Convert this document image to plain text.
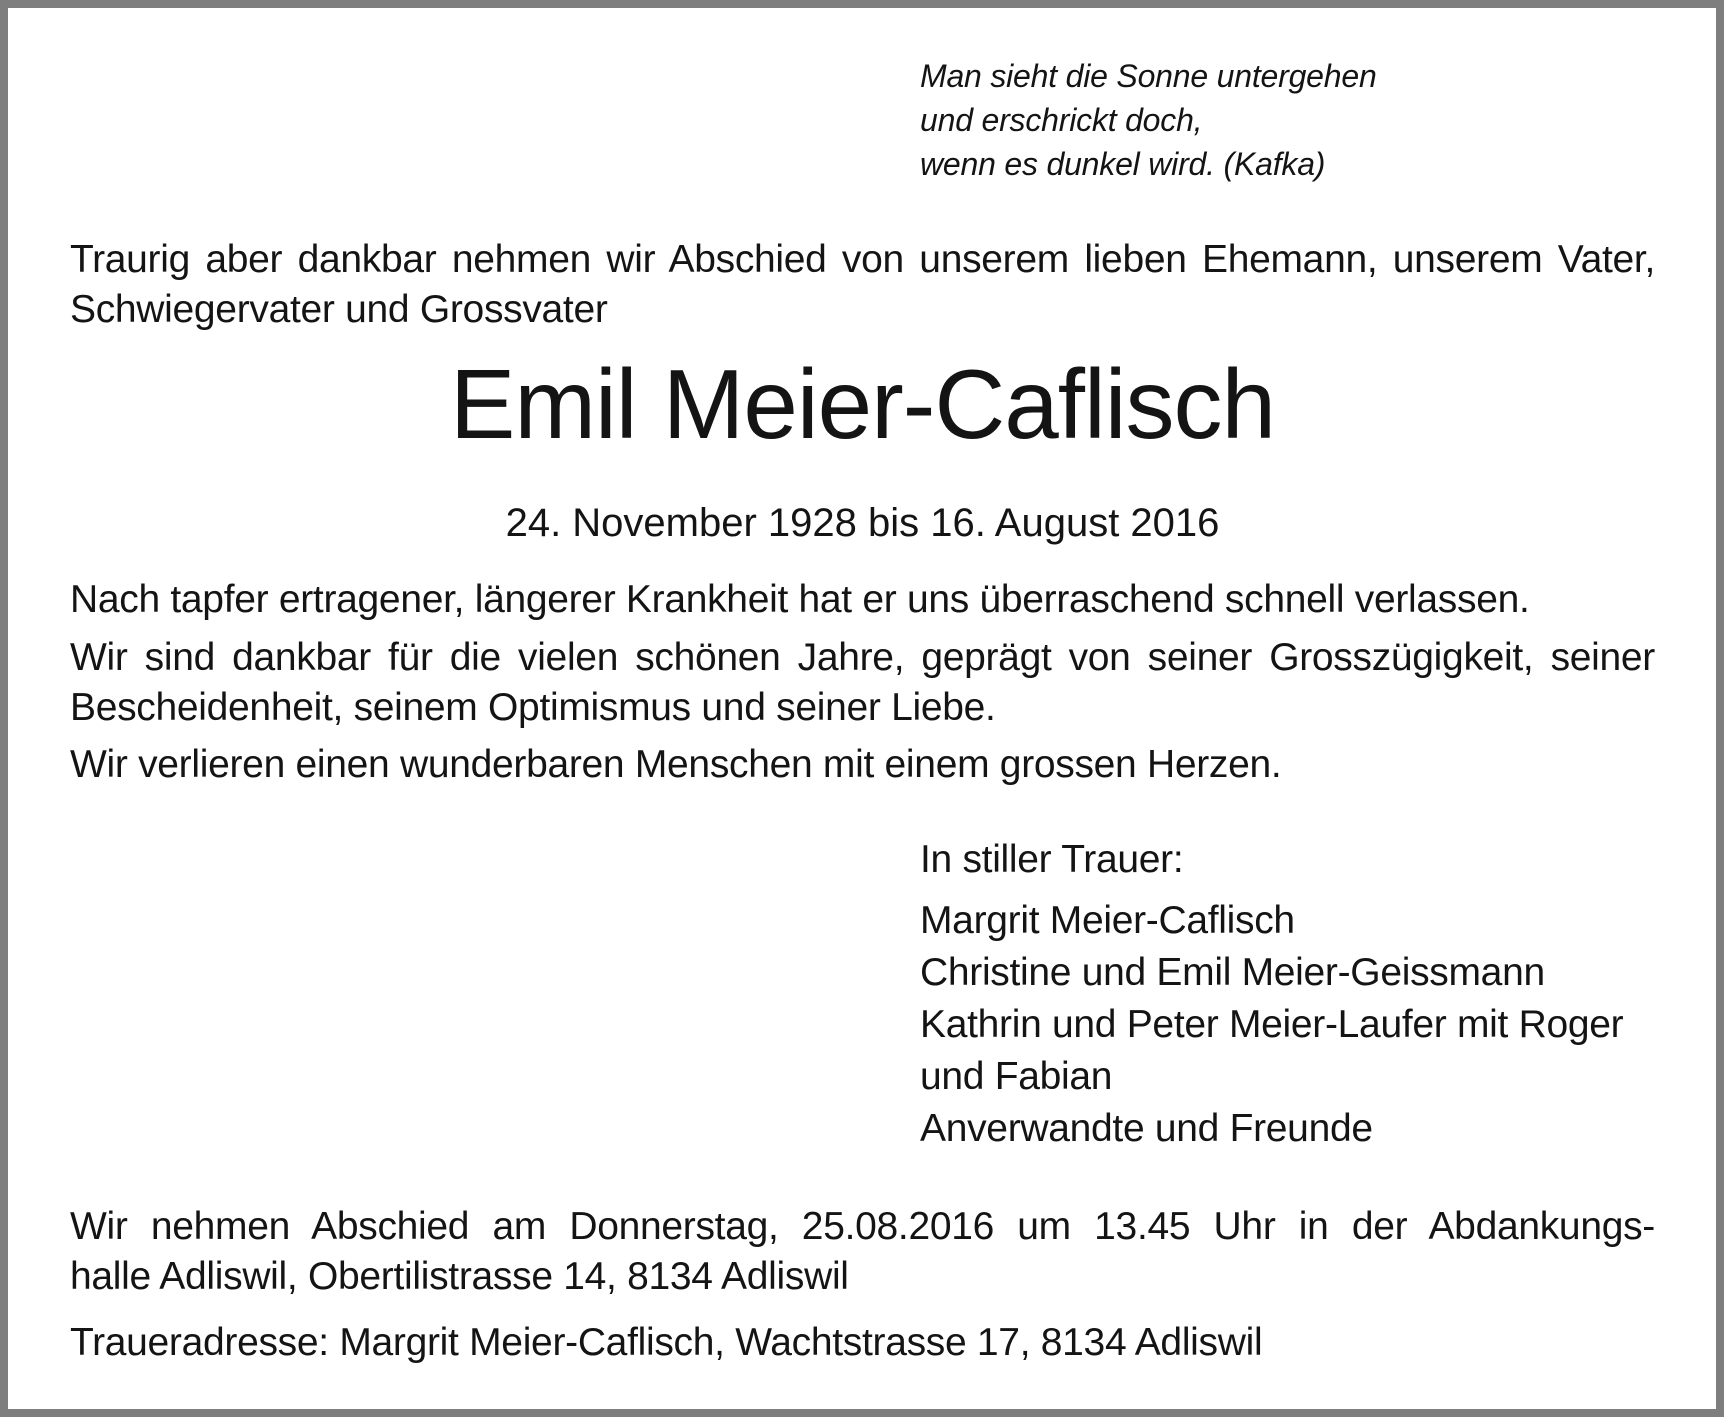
Man sieht die Sonne untergehen
und erschrickt doch,
wenn es dunkel wird. (Kafka)
Traurig aber dankbar nehmen wir Abschied von unserem lieben Ehemann, unserem Vater,
Schwiegervater und Grossvater
Emil Meier-Caflisch
24. November 1928 bis 16. August 2016
Nach tapfer ertragener, längerer Krankheit hat er uns überraschend schnell verlassen.
Wir sind dankbar für die vielen schönen Jahre, geprägt von seiner Grosszügigkeit, seiner
Bescheidenheit, seinem Optimismus und seiner Liebe.
Wir verlieren einen wunderbaren Menschen mit einem grossen Herzen.
In stiller Trauer:
Margrit Meier-Caflisch
Christine und Emil Meier-Geissmann
Kathrin und Peter Meier-Laufer mit Roger
und Fabian
Anverwandte und Freunde
Wir nehmen Abschied am Donnerstag, 25.08.2016 um 13.45 Uhr in der Abdankungs-
halle Adliswil, Obertilistrasse 14, 8134 Adliswil
Traueradresse: Margrit Meier-Caflisch, Wachtstrasse 17, 8134 Adliswil
